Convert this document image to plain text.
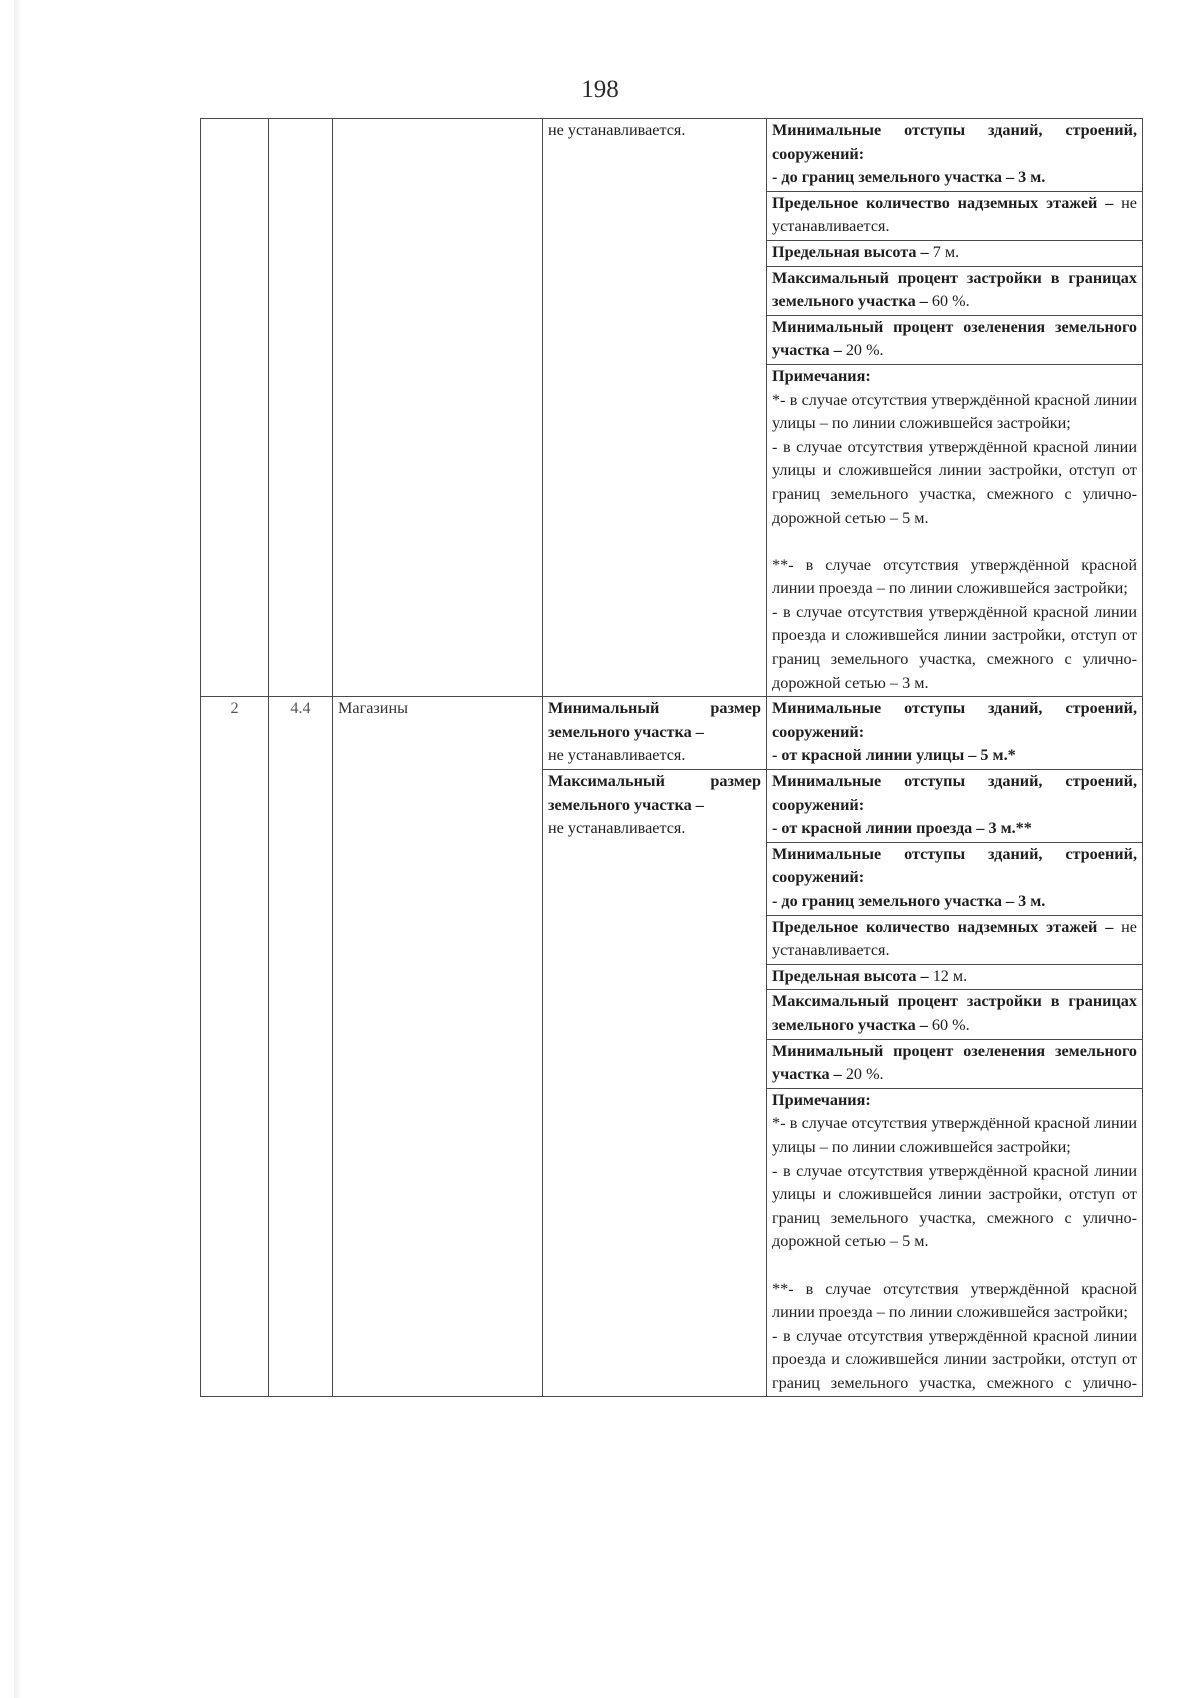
198
			не устанавливается.	Минимальные отступы зданий, строений, сооружений:
- до границ земельного участка – 3 м.
				Предельное количество надземных этажей – не устанавливается.
				Предельная высота – 7 м.
				Максимальный процент застройки в границах земельного участка – 60 %.
				Минимальный процент озеленения земельного участка – 20 %.

				Примечания:
*- в случае отсутствия утверждённой красной линии улицы – по линии сложившейся застройки;
- в случае отсутствия утверждённой красной линии улицы и сложившейся линии застройки, отступ от границ земельного участка, смежного с улично-дорожной сетью – 5 м.
**- в случае отсутствия утверждённой красной линии проезда – по линии сложившейся застройки;
- в случае отсутствия утверждённой красной линии проезда и сложившейся линии застройки, отступ от границ земельного участка, смежного с улично-дорожной сетью – 3 м.

2	4.4	Магазины	Минимальный размер земельного участка –
не устанавливается.	Минимальные отступы зданий, строений, сооружений:
- от красной линии улицы – 5 м.*
			Максимальный размер земельного участка –
не устанавливается.	Минимальные отступы зданий, строений, сооружений:
- от красной линии проезда – 3 м.**
				Минимальные отступы зданий, строений, сооружений:
- до границ земельного участка – 3 м.
				Предельное количество надземных этажей – не устанавливается.
				Предельная высота – 12 м.
				Максимальный процент застройки в границах земельного участка – 60 %.
				Минимальный процент озеленения земельного участка – 20 %.

				Примечания:
*- в случае отсутствия утверждённой красной линии улицы – по линии сложившейся застройки;
- в случае отсутствия утверждённой красной линии улицы и сложившейся линии застройки, отступ от границ земельного участка, смежного с улично-дорожной сетью – 5 м.
**- в случае отсутствия утверждённой красной линии проезда – по линии сложившейся застройки;
- в случае отсутствия утверждённой красной линии проезда и сложившейся линии застройки, отступ от границ земельного участка, смежного с улично-
